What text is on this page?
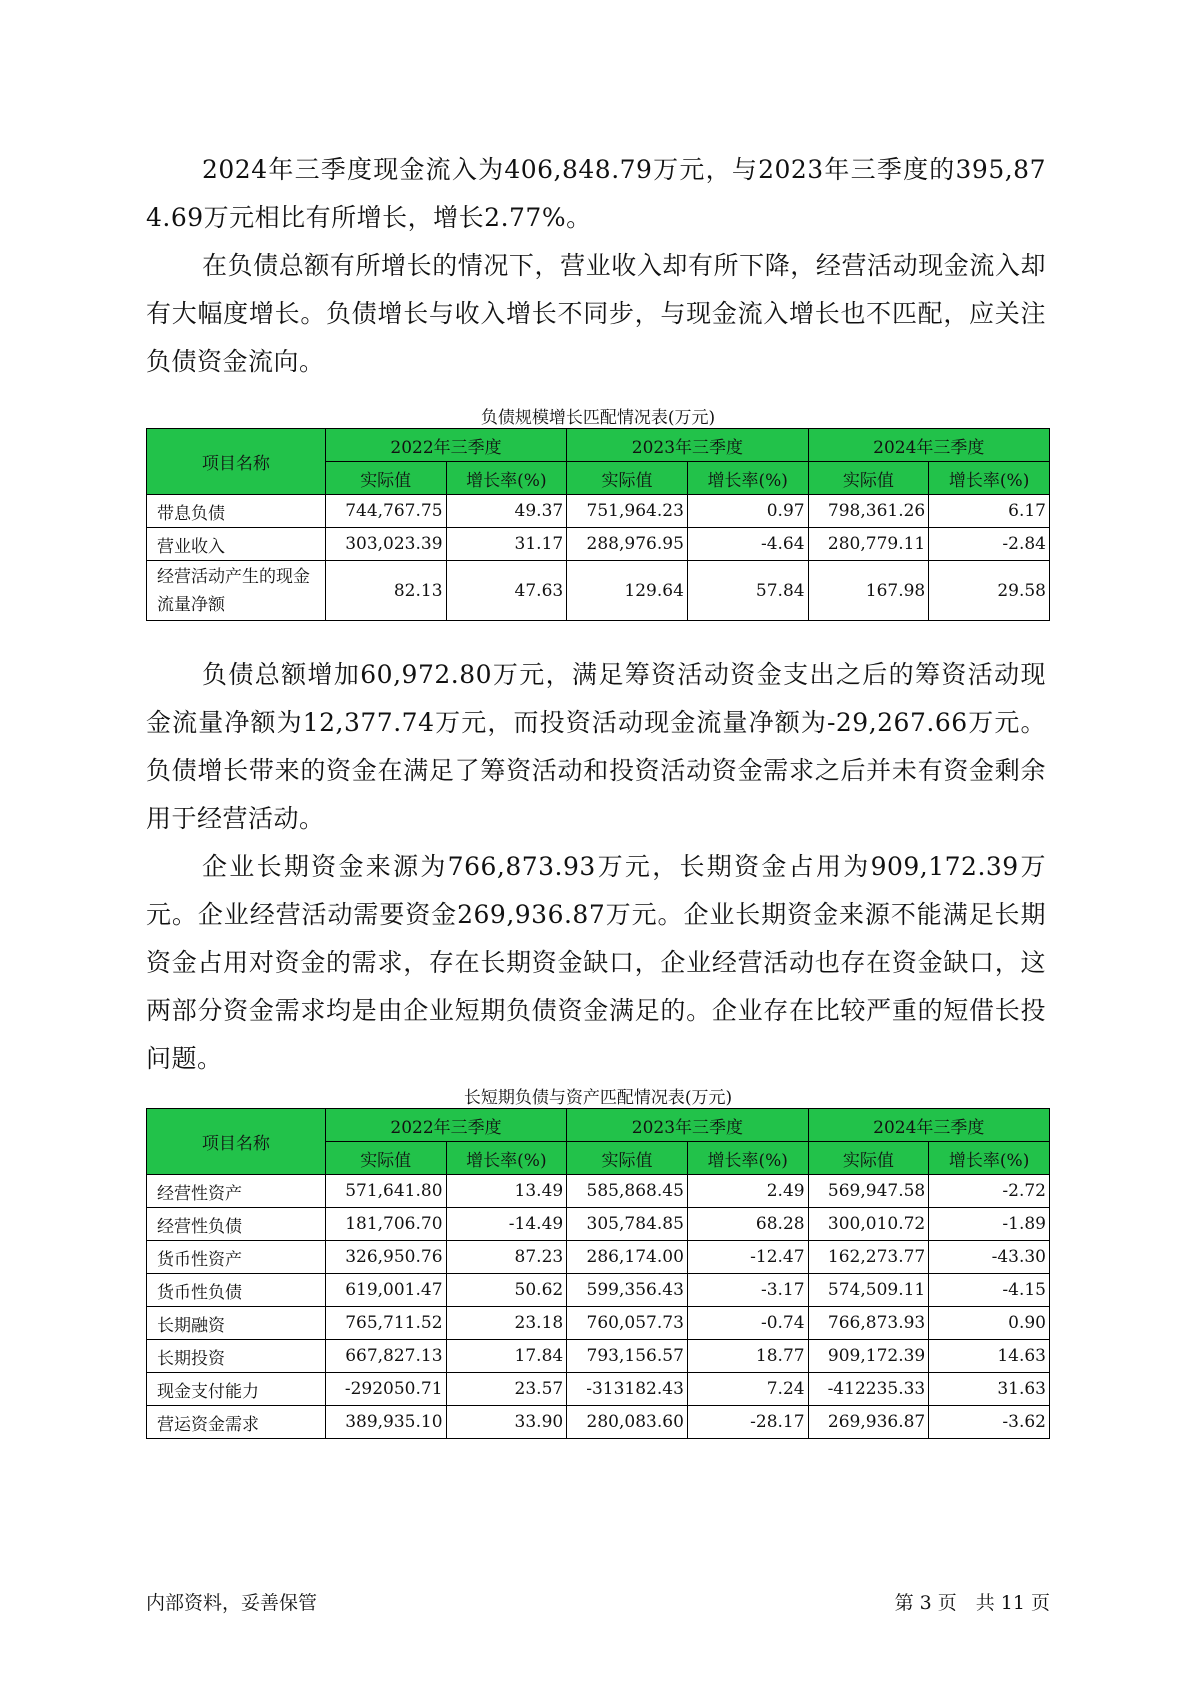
2024年三季度现金流入为406,848.79万元，与2023年三季度的395,874.69万元相比有所增长，增长2.77%。

在负债总额有所增长的情况下，营业收入却有所下降，经营活动现金流入却有大幅度增长。负债增长与收入增长不同步，与现金流入增长也不匹配，应关注负债资金流向。

负债规模增长匹配情况表(万元)
项目名称	2022年三季度		2023年三季度		2024年三季度	
	实际值	增长率(%)	实际值	增长率(%)	实际值	增长率(%)
带息负债	744,767.75	49.37	751,964.23	0.97	798,361.26	6.17
营业收入	303,023.39	31.17	288,976.95	-4.64	280,779.11	-2.84
经营活动产生的现金流量净额	82.13	47.63	129.64	57.84	167.98	29.58

负债总额增加60,972.80万元，满足筹资活动资金支出之后的筹资活动现金流量净额为12,377.74万元，而投资活动现金流量净额为-29,267.66万元。负债增长带来的资金在满足了筹资活动和投资活动资金需求之后并未有资金剩余用于经营活动。

企业长期资金来源为766,873.93万元，长期资金占用为909,172.39万元。企业经营活动需要资金269,936.87万元。企业长期资金来源不能满足长期资金占用对资金的需求，存在长期资金缺口，企业经营活动也存在资金缺口，这两部分资金需求均是由企业短期负债资金满足的。企业存在比较严重的短借长投问题。

长短期负债与资产匹配情况表(万元)
项目名称	2022年三季度		2023年三季度		2024年三季度	
	实际值	增长率(%)	实际值	增长率(%)	实际值	增长率(%)
经营性资产	571,641.80	13.49	585,868.45	2.49	569,947.58	-2.72
经营性负债	181,706.70	-14.49	305,784.85	68.28	300,010.72	-1.89
货币性资产	326,950.76	87.23	286,174.00	-12.47	162,273.77	-43.30
货币性负债	619,001.47	50.62	599,356.43	-3.17	574,509.11	-4.15
长期融资	765,711.52	23.18	760,057.73	-0.74	766,873.93	0.90
长期投资	667,827.13	17.84	793,156.57	18.77	909,172.39	14.63
现金支付能力	-292050.71	23.57	-313182.43	7.24	-412235.33	31.63
营运资金需求	389,935.10	33.90	280,083.60	-28.17	269,936.87	-3.62
内部资料，妥善保管	第 3 页　共 11 页
